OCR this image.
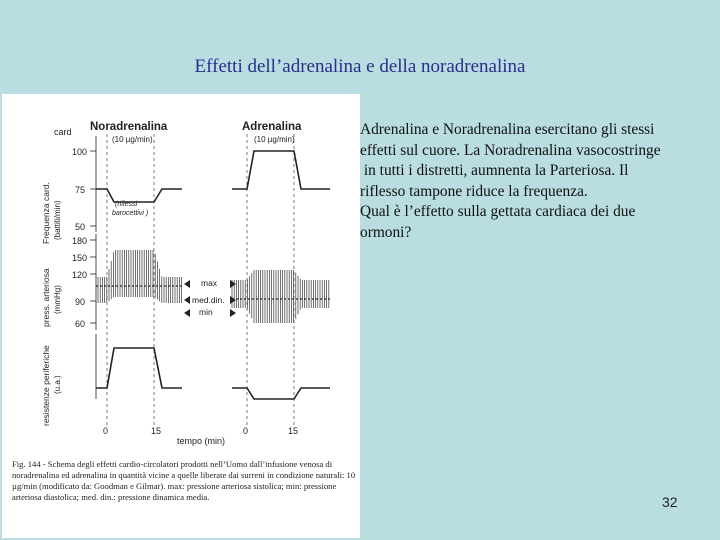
Effetti dell’adrenalina e della noradrenalina
Noradrenalina	Adrenalina
(10 µg/min)	(10 µg/min)
card
Frequenza card. (battiti/min)
press. arteriosa (mmHg)
resistenze periferiche (u.a.)
100
75
50
180
150
120
90
60
(riflessi
barocettivi )
max
med.din.
min
0	15	0	15
tempo (min)
Fig. 144 - Schema degli effetti cardio-circolatori prodotti nell’Uomo dall’infusione venosa di noradrenalina ed adrenalina in quantità vicine a quelle liberate dai surreni in condizione naturali: 10 µg/min (modificato da: Goodman e Gilmar). max: pressione arteriosa sistolica; min: pressione arteriosa diastolica; med. din.: pressione dinamica media.

Adrenalina e Noradrenalina esercitano gli stessi

effetti sul cuore. La Noradrenalina vasocostringe

in tutti i distretti, aumnenta la Parteriosa. Il

riflesso tampone riduce la frequenza.

Qual è l’effetto sulla gettata cardiaca dei due

ormoni?

32
